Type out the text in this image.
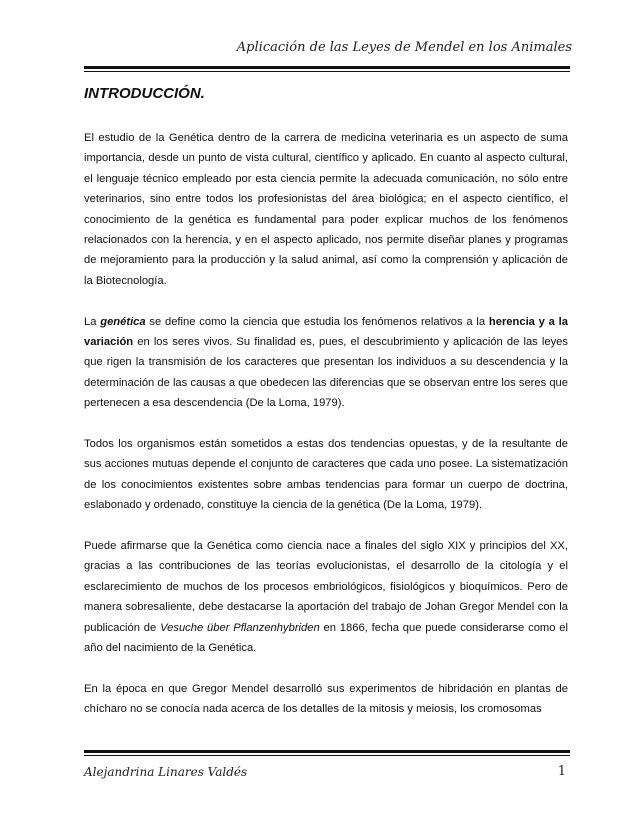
Aplicación de las Leyes de Mendel en los Animales
INTRODUCCIÓN.

El estudio de la Genética dentro de la carrera de medicina veterinaria es un aspecto de suma importancia, desde un punto de vista cultural, científico y aplicado. En cuanto al aspecto cultural, el lenguaje técnico empleado por esta ciencia permite la adecuada comunicación, no sólo entre veterinarios, sino entre todos los profesionistas del área biológica; en el aspecto científico, el conocimiento de la genética es fundamental para poder explicar muchos de los fenómenos relacionados con la herencia, y en el aspecto aplicado, nos permite diseñar planes y programas de mejoramiento para la producción y la salud animal, así como la comprensión y aplicación de la Biotecnología.

La genética se define como la ciencia que estudia los fenómenos relativos a la herencia y a la variación en los seres vivos. Su finalidad es, pues, el descubrimiento y aplicación de las leyes que rigen la transmisión de los caracteres que presentan los individuos a su descendencia y la determinación de las causas a que obedecen las diferencias que se observan entre los seres que pertenecen a esa descendencia (De la Loma, 1979).

Todos los organismos están sometidos a estas dos tendencias opuestas, y de la resultante de sus acciones mutuas depende el conjunto de caracteres que cada uno posee. La sistematización de los conocimientos existentes sobre ambas tendencias para formar un cuerpo de doctrina, eslabonado y ordenado, constituye la ciencia de la genética (De la Loma, 1979).

Puede afirmarse que la Genética como ciencia nace a finales del siglo XIX y principios del XX, gracias a las contribuciones de las teorías evolucionistas, el desarrollo de la citología y el esclarecimiento de muchos de los procesos embriológicos, fisiológicos y bioquímicos. Pero de manera sobresaliente, debe destacarse la aportación del trabajo de Johan Gregor Mendel con la publicación de Vesuche über Pflanzenhybriden en 1866, fecha que puede considerarse como el año del nacimiento de la Genética.

En la época en que Gregor Mendel desarrolló sus experimentos de hibridación en plantas de chícharo no se conocía nada acerca de los detalles de la mitosis y meiosis, los cromosomas

Alejandrina Linares Valdés	1
